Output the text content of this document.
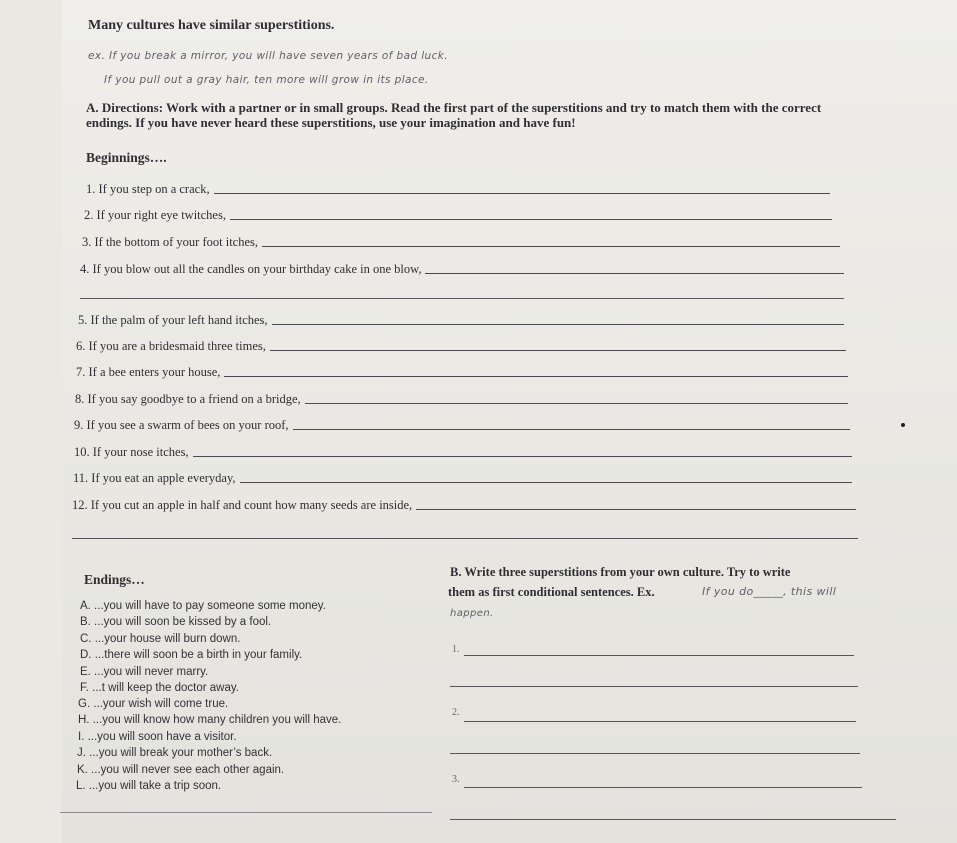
Many cultures have similar superstitions.
ex. If you break a mirror, you will have seven years of bad luck.
If you pull out a gray hair, ten more will grow in its place.
A. Directions: Work with a partner or in small groups. Read the first part of the superstitions and try to match them with the correct endings. If you have never heard these superstitions, use your imagination and have fun!
Beginnings….
1. If you step on a crack,
2. If your right eye twitches,
3. If the bottom of your foot itches,
4. If you blow out all the candles on your birthday cake in one blow,
5. If the palm of your left hand itches,
6. If you are a bridesmaid three times,
7. If a bee enters your house,
8. If you say goodbye to a friend on a bridge,
9. If you see a swarm of bees on your roof,
10. If your nose itches,
11. If you eat an apple everyday,
12. If you cut an apple in half and count how many seeds are inside,
Endings…
A. ...you will have to pay someone some money.
B. ...you will soon be kissed by a fool.
C. ...your house will burn down.
D. ...there will soon be a birth in your family.
E. ...you will never marry.
F. ...t will keep the doctor away.
G. ...your wish will come true.
H. ...you will know how many children you will have.
I. ...you will soon have a visitor.
J. ...you will break your mother’s back.
K. ...you will never see each other again.
L. ...you will take a trip soon.
B. Write three superstitions from your own culture. Try to write
them as first conditional sentences. Ex.	If you do_____, this will
happen.
1.
2.
3.
